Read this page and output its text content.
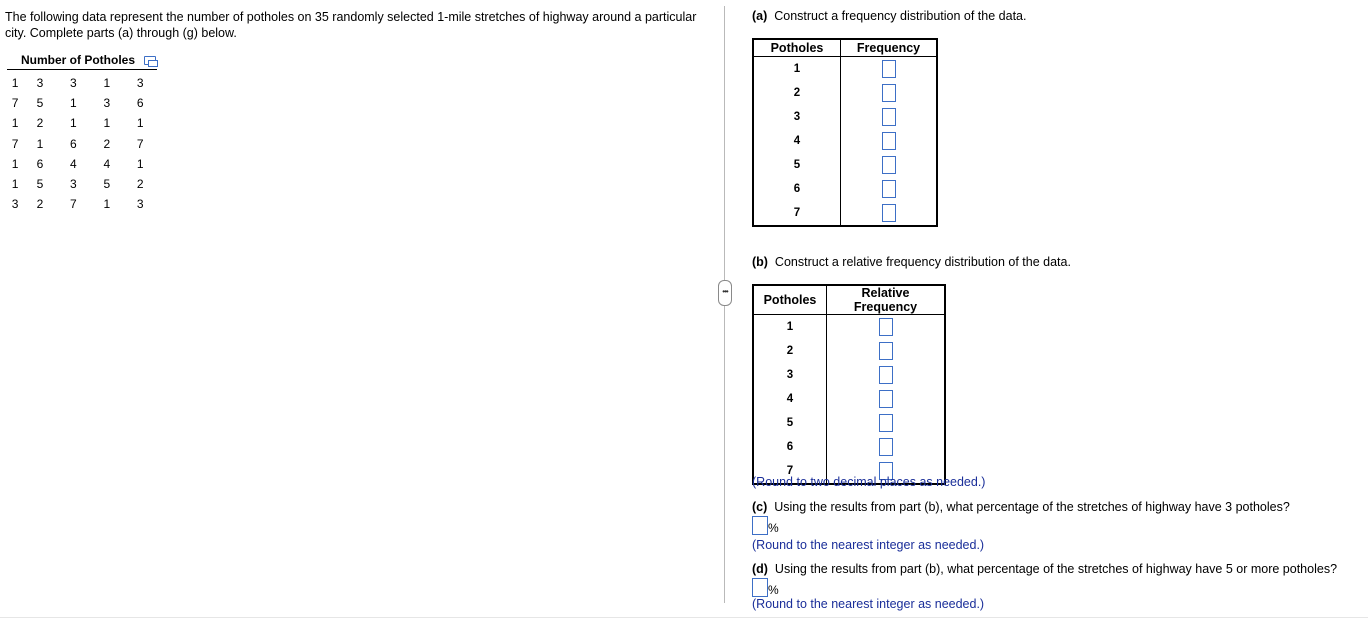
The following data represent the number of potholes on 35 randomly selected 1-mile stretches of highway around a particular city. Complete parts (a) through (g) below.
Number of Potholes
1	3	3	1	3
7	5	1	3	6
1	2	1	1	1
7	1	6	2	7
1	6	4	4	1
1	5	3	5	2
3	2	7	1	3
•••
(a) Construct a frequency distribution of the data.
Potholes	Frequency
1	
2	
3	
4	
5	
6	
7	
(b) Construct a relative frequency distribution of the data.
Potholes	Relative Frequency
1	
2	
3	
4	
5	
6	
7	
(Round to two decimal places as needed.)
(c) Using the results from part (b), what percentage of the stretches of highway have 3 potholes?
%
(Round to the nearest integer as needed.)
(d) Using the results from part (b), what percentage of the stretches of highway have 5 or more potholes?
%
(Round to the nearest integer as needed.)
